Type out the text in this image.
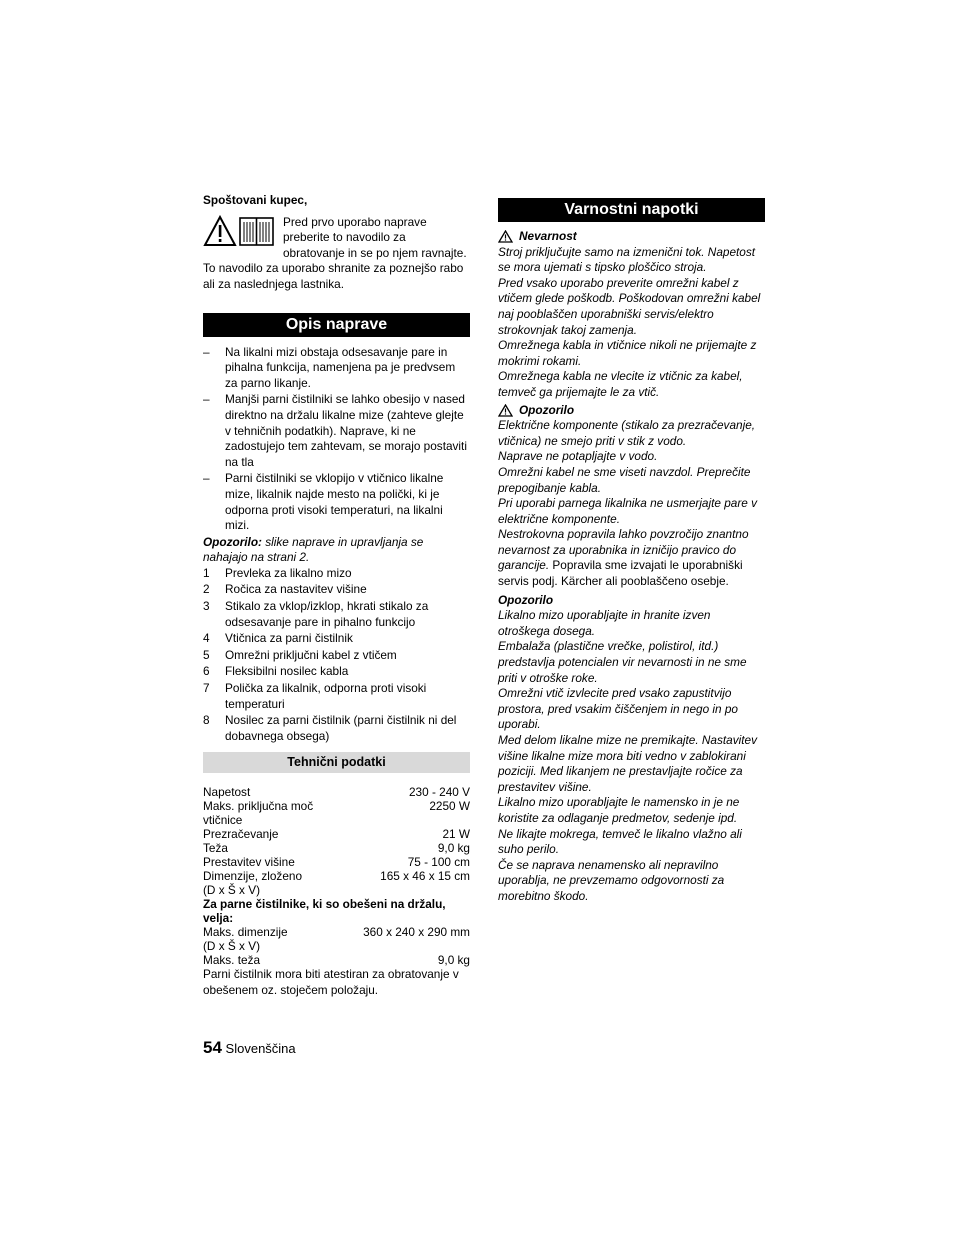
Spoštovani kupec,

Pred prvo uporabo naprave preberite to navodilo za obratovanje in se po njem ravnajte. To navodilo za uporabo shranite za poznejšo rabo ali za naslednjega lastnika.

Opis naprave
– Na likalni mizi obstaja odsesavanje pare in pihalna funkcija, namenjena pa je predvsem za parno likanje.
– Manjši parni čistilniki se lahko obesijo v nased direktno na držalu likalne mize (zahteve glejte v tehničnih podatkih). Naprave, ki ne zadostujejo tem zahtevam, se morajo postaviti na tla
– Parni čistilniki se vklopijo v vtičnico likalne mize, likalnik najde mesto na polički, ki je odporna proti visoki temperaturi, na likalni mizi.

Opozorilo: slike naprave in upravljanja se nahajajo na strani 2.

1 Prevleka za likalno mizo
2 Ročica za nastavitev višine
3 Stikalo za vklop/izklop, hkrati stikalo za odsesavanje pare in pihalno funkcijo
4 Vtičnica za parni čistilnik
5 Omrežni priključni kabel z vtičem
6 Fleksibilni nosilec kabla
7 Polička za likalnik, odporna proti visoki temperaturi
8 Nosilec za parni čistilnik (parni čistilnik ni del dobavnega obsega)
Tehnični podatki
Napetost	230 - 240 V
Maks. priključna moč	2250 W
vtičnice
Prezračevanje	21 W
Teža	9,0 kg
Prestavitev višine	75 - 100 cm
Dimenzije, zloženo	165 x 46 x 15 cm
(D x Š x V)
Za parne čistilnike, ki so obešeni na držalu, velja:
Maks. dimenzije	360 x 240 x 290 mm
(D x Š x V)
Maks. teža	9,0 kg
Parni čistilnik mora biti atestiran za obratovanje v obešenem oz. stoječem položaju.
Varnostni napotki

Nevarnost

Stroj priključujte samo na izmenični tok. Napetost se mora ujemati s tipsko ploščico stroja.

Pred vsako uporabo preverite omrežni kabel z vtičem glede poškodb. Poškodovan omrežni kabel naj pooblaščen uporabniški servis/elektro strokovnjak takoj zamenja.

Omrežnega kabla in vtičnice nikoli ne prijemajte z mokrimi rokami.

Omrežnega kabla ne vlecite iz vtičnic za kabel, temveč ga prijemajte le za vtič.

Opozorilo

Električne komponente (stikalo za prezračevanje, vtičnica) ne smejo priti v stik z vodo.

Naprave ne potapljajte v vodo.

Omrežni kabel ne sme viseti navzdol. Preprečite prepogibanje kabla.

Pri uporabi parnega likalnika ne usmerjajte pare v električne komponente.

Nestrokovna popravila lahko povzročijo znantno nevarnost za uporabnika in izničijo pravico do garancije. Popravila sme izvajati le uporabniški servis podj. Kärcher ali pooblaščeno osebje.

Opozorilo

Likalno mizo uporabljajte in hranite izven otroškega dosega.

Embalaža (plastične vrečke, polistirol, itd.) predstavlja potencialen vir nevarnosti in ne sme priti v otroške roke.

Omrežni vtič izvlecite pred vsako zapustitvijo prostora, pred vsakim čiščenjem in nego in po uporabi.

Med delom likalne mize ne premikajte. Nastavitev višine likalne mize mora biti vedno v zablokirani poziciji. Med likanjem ne prestavljajte ročice za prestavitev višine.

Likalno mizo uporabljajte le namensko in je ne koristite za odlaganje predmetov, sedenje ipd.

Ne likajte mokrega, temveč le likalno vlažno ali suho perilo.

Če se naprava nenamensko ali nepravilno uporablja, ne prevzemamo odgovornosti za morebitno škodo.

54 Slovenščina
